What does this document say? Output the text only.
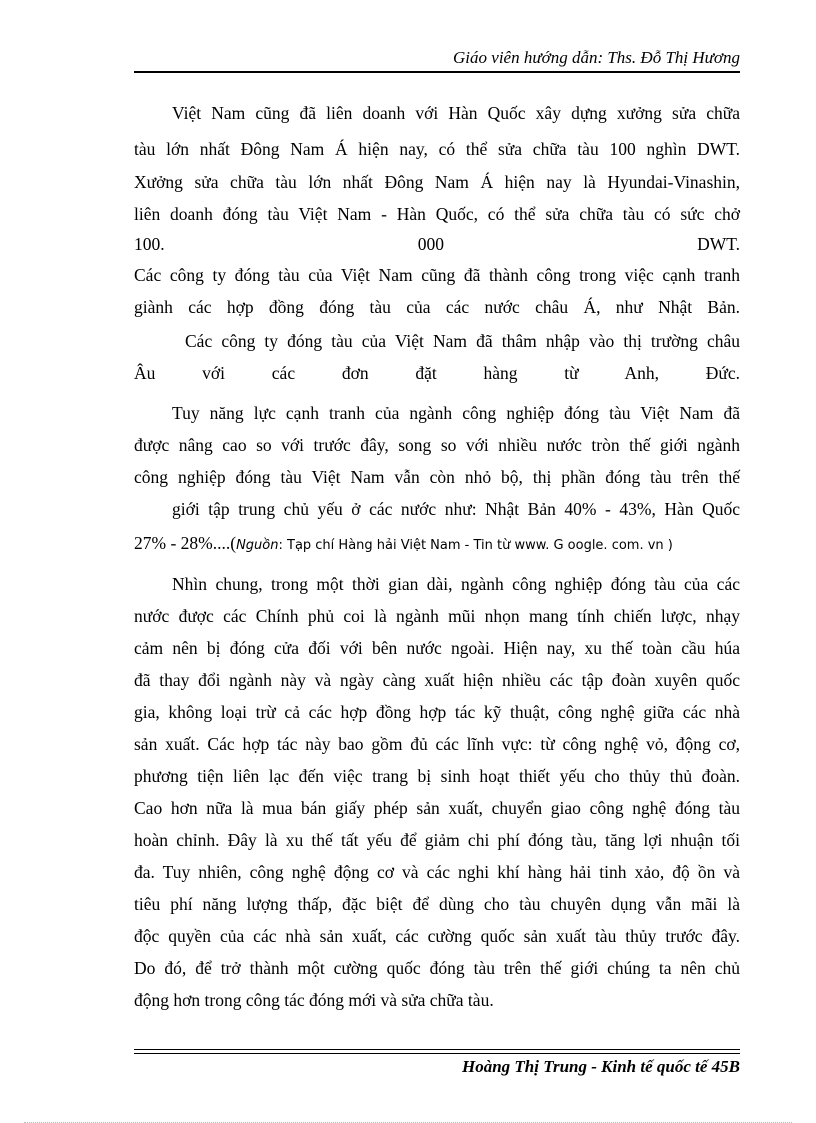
Giáo viên hướng dẫn: Ths. Đỗ Thị Hương
Việt Nam cũng đã liên doanh với Hàn Quốc xây dựng xưởng sửa chữa
tàu lớn nhất Đông Nam Á hiện nay, có thể sửa chữa tàu 100 nghìn DWT.
Xưởng sửa chữa tàu lớn nhất Đông Nam Á hiện nay là Hyundai-Vinashin,
liên doanh đóng tàu Việt Nam - Hàn Quốc, có thể sửa chữa tàu có sức chở
100. 000 DWT.
Các công ty đóng tàu của Việt Nam cũng đã thành công trong việc cạnh tranh
giành các hợp đồng đóng tàu của các nước châu Á, như Nhật Bản.
Các công ty đóng tàu của Việt Nam đã thâm nhập vào thị trường châu
Âu với các đơn đặt hàng từ Anh, Đức.
Tuy năng lực cạnh tranh của ngành công nghiệp đóng tàu Việt Nam đã
được nâng cao so với trước đây, song so với nhiều nước tròn thế giới ngành
công nghiệp đóng tàu Việt Nam vẫn còn nhỏ bộ, thị phần đóng tàu trên thế
giới tập trung chủ yếu ở các nước như: Nhật Bản 40% - 43%, Hàn Quốc
27% - 28%....(Nguồn: Tạp chí Hàng hải Việt Nam - Tin từ www. G oogle. com. vn )
Nhìn chung, trong một thời gian dài, ngành công nghiệp đóng tàu của các
nước được các Chính phủ coi là ngành mũi nhọn mang tính chiến lược, nhạy
cảm nên bị đóng cửa đối với bên nước ngoài. Hiện nay, xu thế toàn cầu húa
đã thay đổi ngành này và ngày càng xuất hiện nhiều các tập đoàn xuyên quốc
gia, không loại trừ cả các hợp đồng hợp tác kỹ thuật, công nghệ giữa các nhà
sản xuất. Các hợp tác này bao gồm đủ các lĩnh vực: từ công nghệ vỏ, động cơ,
phương tiện liên lạc đến việc trang bị sinh hoạt thiết yếu cho thủy thủ đoàn.
Cao hơn nữa là mua bán giấy phép sản xuất, chuyển giao công nghệ đóng tàu
hoàn chỉnh. Đây là xu thế tất yếu để giảm chi phí đóng tàu, tăng lợi nhuận tối
đa. Tuy nhiên, công nghệ động cơ và các nghi khí hàng hải tinh xảo, độ ồn và
tiêu phí năng lượng thấp, đặc biệt để dùng cho tàu chuyên dụng vẫn mãi là
độc quyền của các nhà sản xuất, các cường quốc sản xuất tàu thủy trước đây.
Do đó, để trở thành một cường quốc đóng tàu trên thế giới chúng ta nên chủ
động hơn trong công tác đóng mới và sửa chữa tàu.
Hoàng Thị Trung - Kinh tế quốc tế 45B
